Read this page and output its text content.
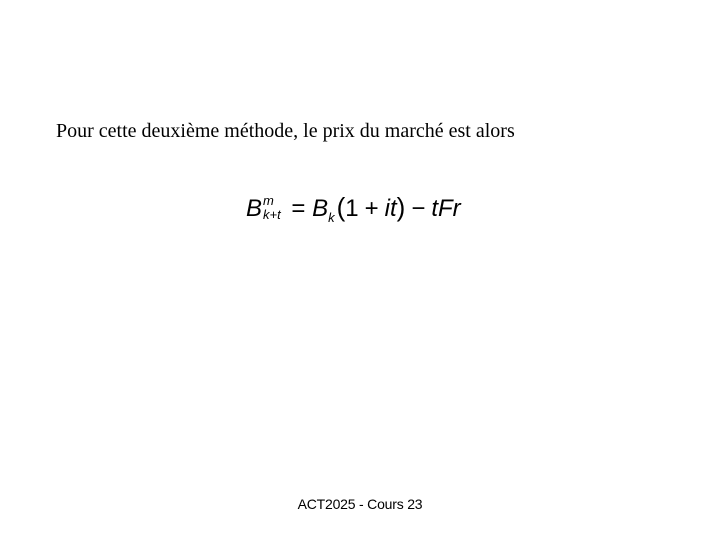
Pour cette deuxième méthode, le prix du marché est alors
B m
$k+t = B_k(1 + it)$ − tFr
ACT2025 - Cours 23
